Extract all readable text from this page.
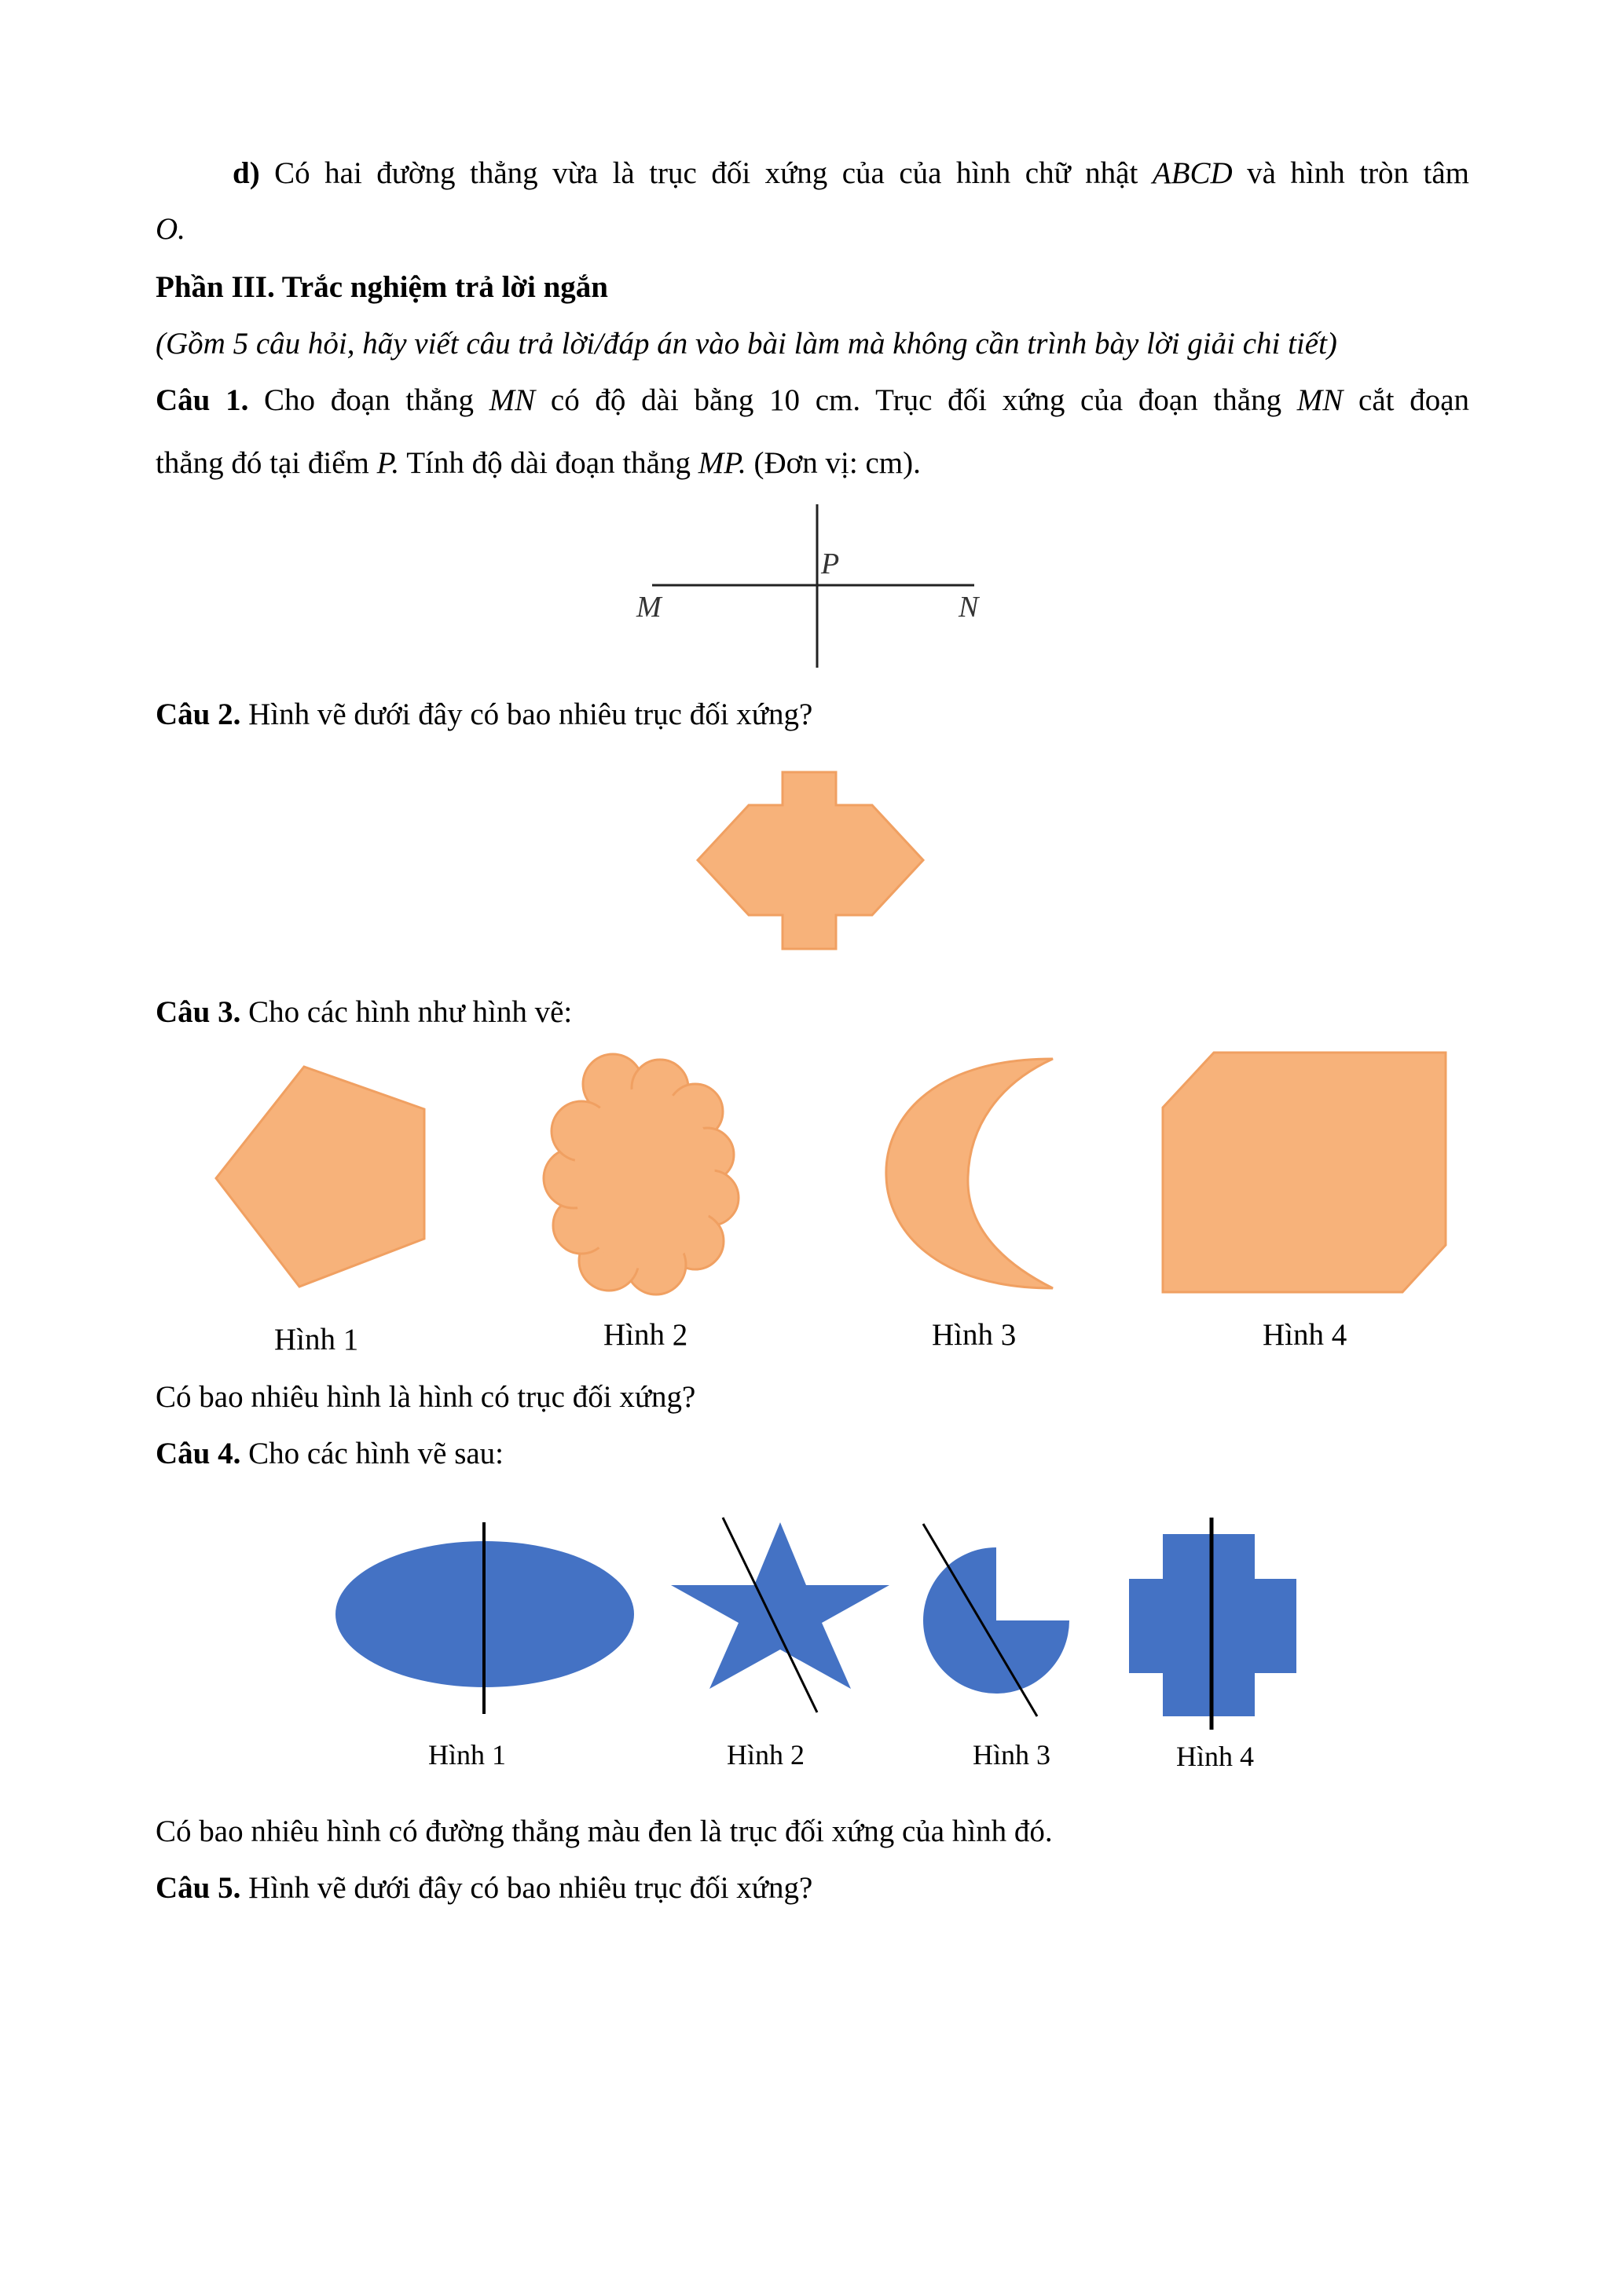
d) Có hai đường thẳng vừa là trục đối xứng của của hình chữ nhật ABCD và hình tròn tâm
O.
Phần III. Trắc nghiệm trả lời ngắn
(Gồm 5 câu hỏi, hãy viết câu trả lời/đáp án vào bài làm mà không cần trình bày lời giải chi tiết)
Câu 1. Cho đoạn thẳng MN có độ dài bằng 10 cm. Trục đối xứng của đoạn thẳng MN cắt đoạn
thẳng đó tại điểm P. Tính độ dài đoạn thẳng MP. (Đơn vị: cm).
P
M	N
Câu 2. Hình vẽ dưới đây có bao nhiêu trục đối xứng?
Câu 3. Cho các hình như hình vẽ:
Hình 1	Hình 2	Hình 3	Hình 4
Có bao nhiêu hình là hình có trục đối xứng?
Câu 4. Cho các hình vẽ sau:
Hình 1	Hình 2	Hình 3	Hình 4
Có bao nhiêu hình có đường thẳng màu đen là trục đối xứng của hình đó.
Câu 5. Hình vẽ dưới đây có bao nhiêu trục đối xứng?
